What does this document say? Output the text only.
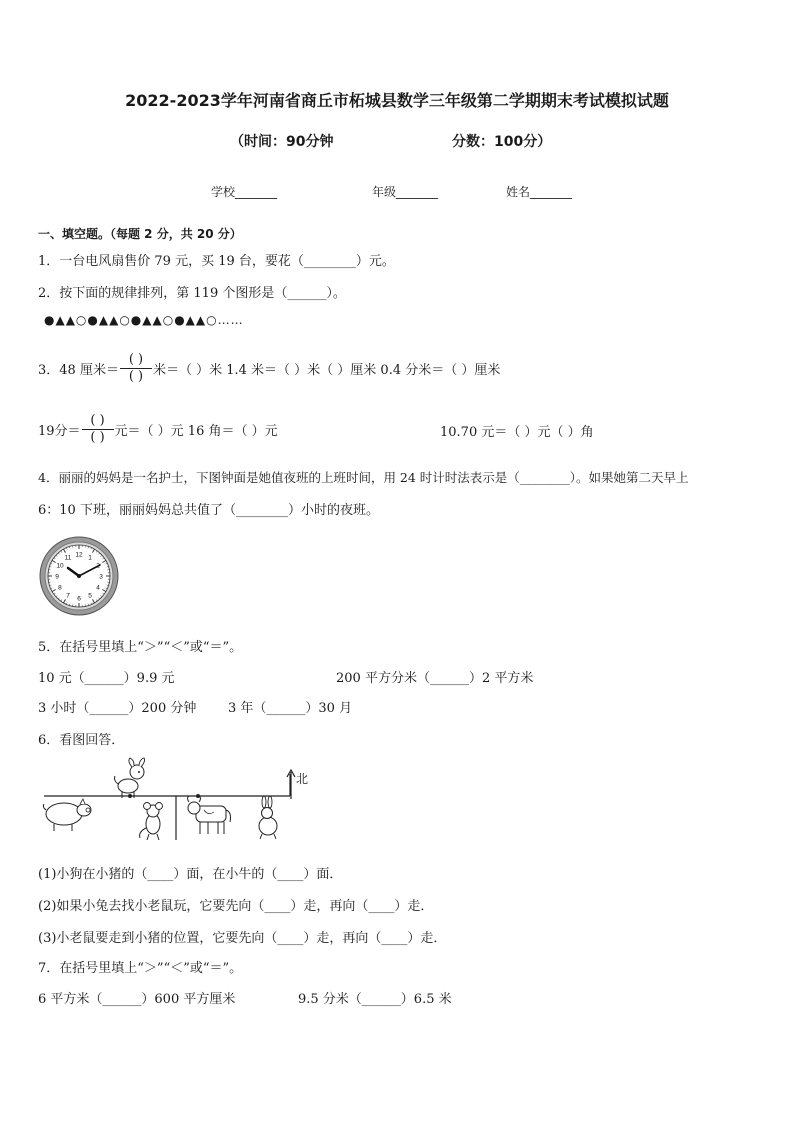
2022-2023学年河南省商丘市柘城县数学三年级第二学期期末考试模拟试题
（时间：90分钟	分数：100分）
学校_______	年级_______	姓名_______
一、填空题。（每题 2 分，共 20 分）
1．一台电风扇售价 79 元，买 19 台，要花（________）元。
2．按下面的规律排列，第 119 个图形是（______）。
●▲▲○●▲▲○●▲▲○●▲▲○……
3．48 厘米＝ $\frac{( )}{( )}$ 米＝（ ）米 1.4 米＝（ ）米（ ）厘米 0.4 分米＝（ ）厘米
19分＝ $\frac{( )}{( )}$ 元＝（ ）元 16 角＝（ ）元	10.70 元＝（ ）元（ ）角
4．丽丽的妈妈是一名护士，下图钟面是她值夜班的上班时间，用 24 时计时法表示是（________）。如果她第二天早上
6：10 下班，丽丽妈妈总共值了（________）小时的夜班。
12 1
3
4
5
6
7
8
9
10
11
5．在括号里填上“＞”“＜”或“＝”。
10 元（______）9.9 元	200 平方分米（______）2 平方米
3 小时（______）200 分钟 3 年（______）30 月
6．看图回答．
北
(1)小狗在小猪的（____）面，在小牛的（____）面．
(2)如果小兔去找小老鼠玩，它要先向（____）走，再向（____）走．
(3)小老鼠要走到小猪的位置，它要先向（____）走，再向（____）走．
7．在括号里填上“＞”“＜”或“＝”。
6 平方米（______）600 平方厘米	9.5 分米（______）6.5 米
